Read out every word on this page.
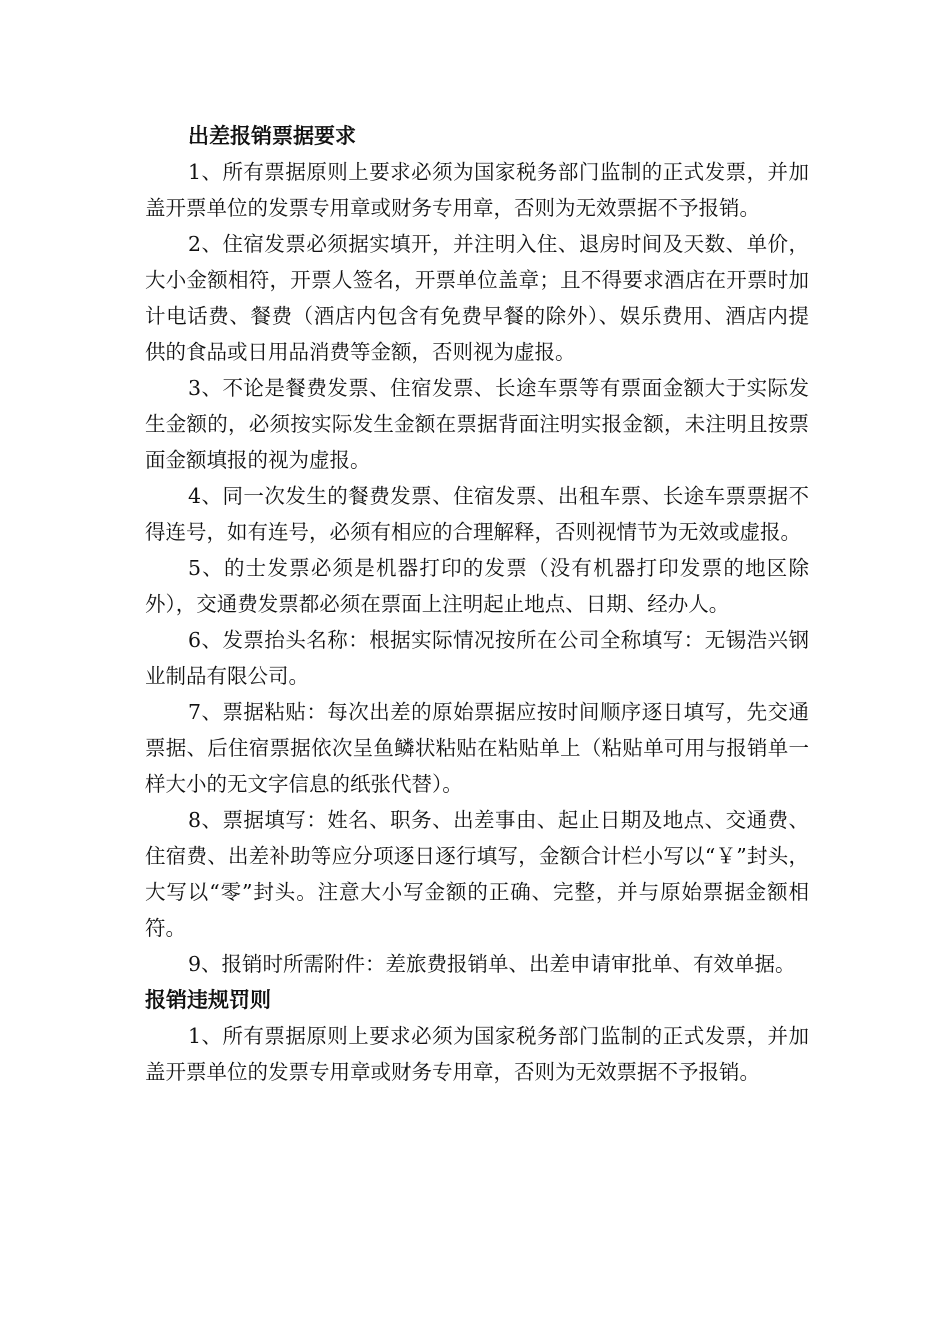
出差报销票据要求

1、所有票据原则上要求必须为国家税务部门监制的正式发票，并加盖开票单位的发票专用章或财务专用章，否则为无效票据不予报销。

2、住宿发票必须据实填开，并注明入住、退房时间及天数、单价，大小金额相符，开票人签名，开票单位盖章；且不得要求酒店在开票时加计电话费、餐费（酒店内包含有免费早餐的除外）、娱乐费用、酒店内提供的食品或日用品消费等金额，否则视为虚报。

3、不论是餐费发票、住宿发票、长途车票等有票面金额大于实际发生金额的，必须按实际发生金额在票据背面注明实报金额，未注明且按票面金额填报的视为虚报。

4、同一次发生的餐费发票、住宿发票、出租车票、长途车票票据不得连号，如有连号，必须有相应的合理解释，否则视情节为无效或虚报。

5、的士发票必须是机器打印的发票（没有机器打印发票的地区除外），交通费发票都必须在票面上注明起止地点、日期、经办人。

6、发票抬头名称：根据实际情况按所在公司全称填写：无锡浩兴钢业制品有限公司。

7、票据粘贴：每次出差的原始票据应按时间顺序逐日填写，先交通票据、后住宿票据依次呈鱼鳞状粘贴在粘贴单上（粘贴单可用与报销单一样大小的无文字信息的纸张代替）。

8、票据填写：姓名、职务、出差事由、起止日期及地点、交通费、住宿费、出差补助等应分项逐日逐行填写，金额合计栏小写以“￥”封头，大写以“零”封头。注意大小写金额的正确、完整，并与原始票据金额相符。

9、报销时所需附件：差旅费报销单、出差申请审批单、有效单据。

报销违规罚则

1、所有票据原则上要求必须为国家税务部门监制的正式发票，并加盖开票单位的发票专用章或财务专用章，否则为无效票据不予报销。
